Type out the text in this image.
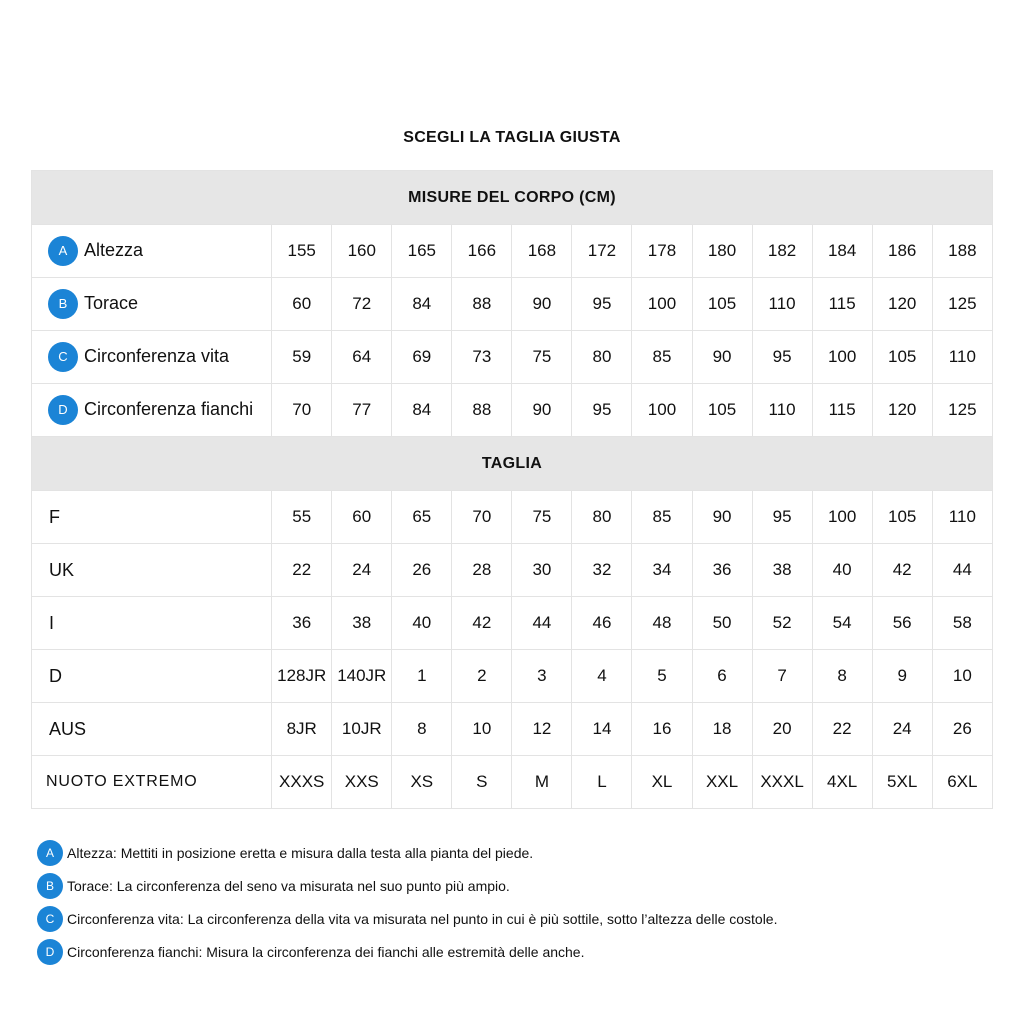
SCEGLI LA TAGLIA GIUSTA
MISURE DEL CORPO (CM)												
A Altezza	155	160	165	166	168	172	178	180	182	184	186	188
B Torace	60	72	84	88	90	95	100	105	110	115	120	125
C Circonferenza vita	59	64	69	73	75	80	85	90	95	100	105	110
D Circonferenza fianchi	70	77	84	88	90	95	100	105	110	115	120	125
TAGLIA												
F	55	60	65	70	75	80	85	90	95	100	105	110
UK	22	24	26	28	30	32	34	36	38	40	42	44
I	36	38	40	42	44	46	48	50	52	54	56	58
D	128JR	140JR	1	2	3	4	5	6	7	8	9	10
AUS	8JR	10JR	8	10	12	14	16	18	20	22	24	26
NUOTO EXTREMO	XXXS	XXS	XS	S	M	L	XL	XXL	XXXL	4XL	5XL	6XL
A Altezza: Mettiti in posizione eretta e misura dalla testa alla pianta del piede.
B Torace: La circonferenza del seno va misurata nel suo punto più ampio.
C Circonferenza vita: La circonferenza della vita va misurata nel punto in cui è più sottile, sotto l’altezza delle costole.
D Circonferenza fianchi: Misura la circonferenza dei fianchi alle estremità delle anche.
